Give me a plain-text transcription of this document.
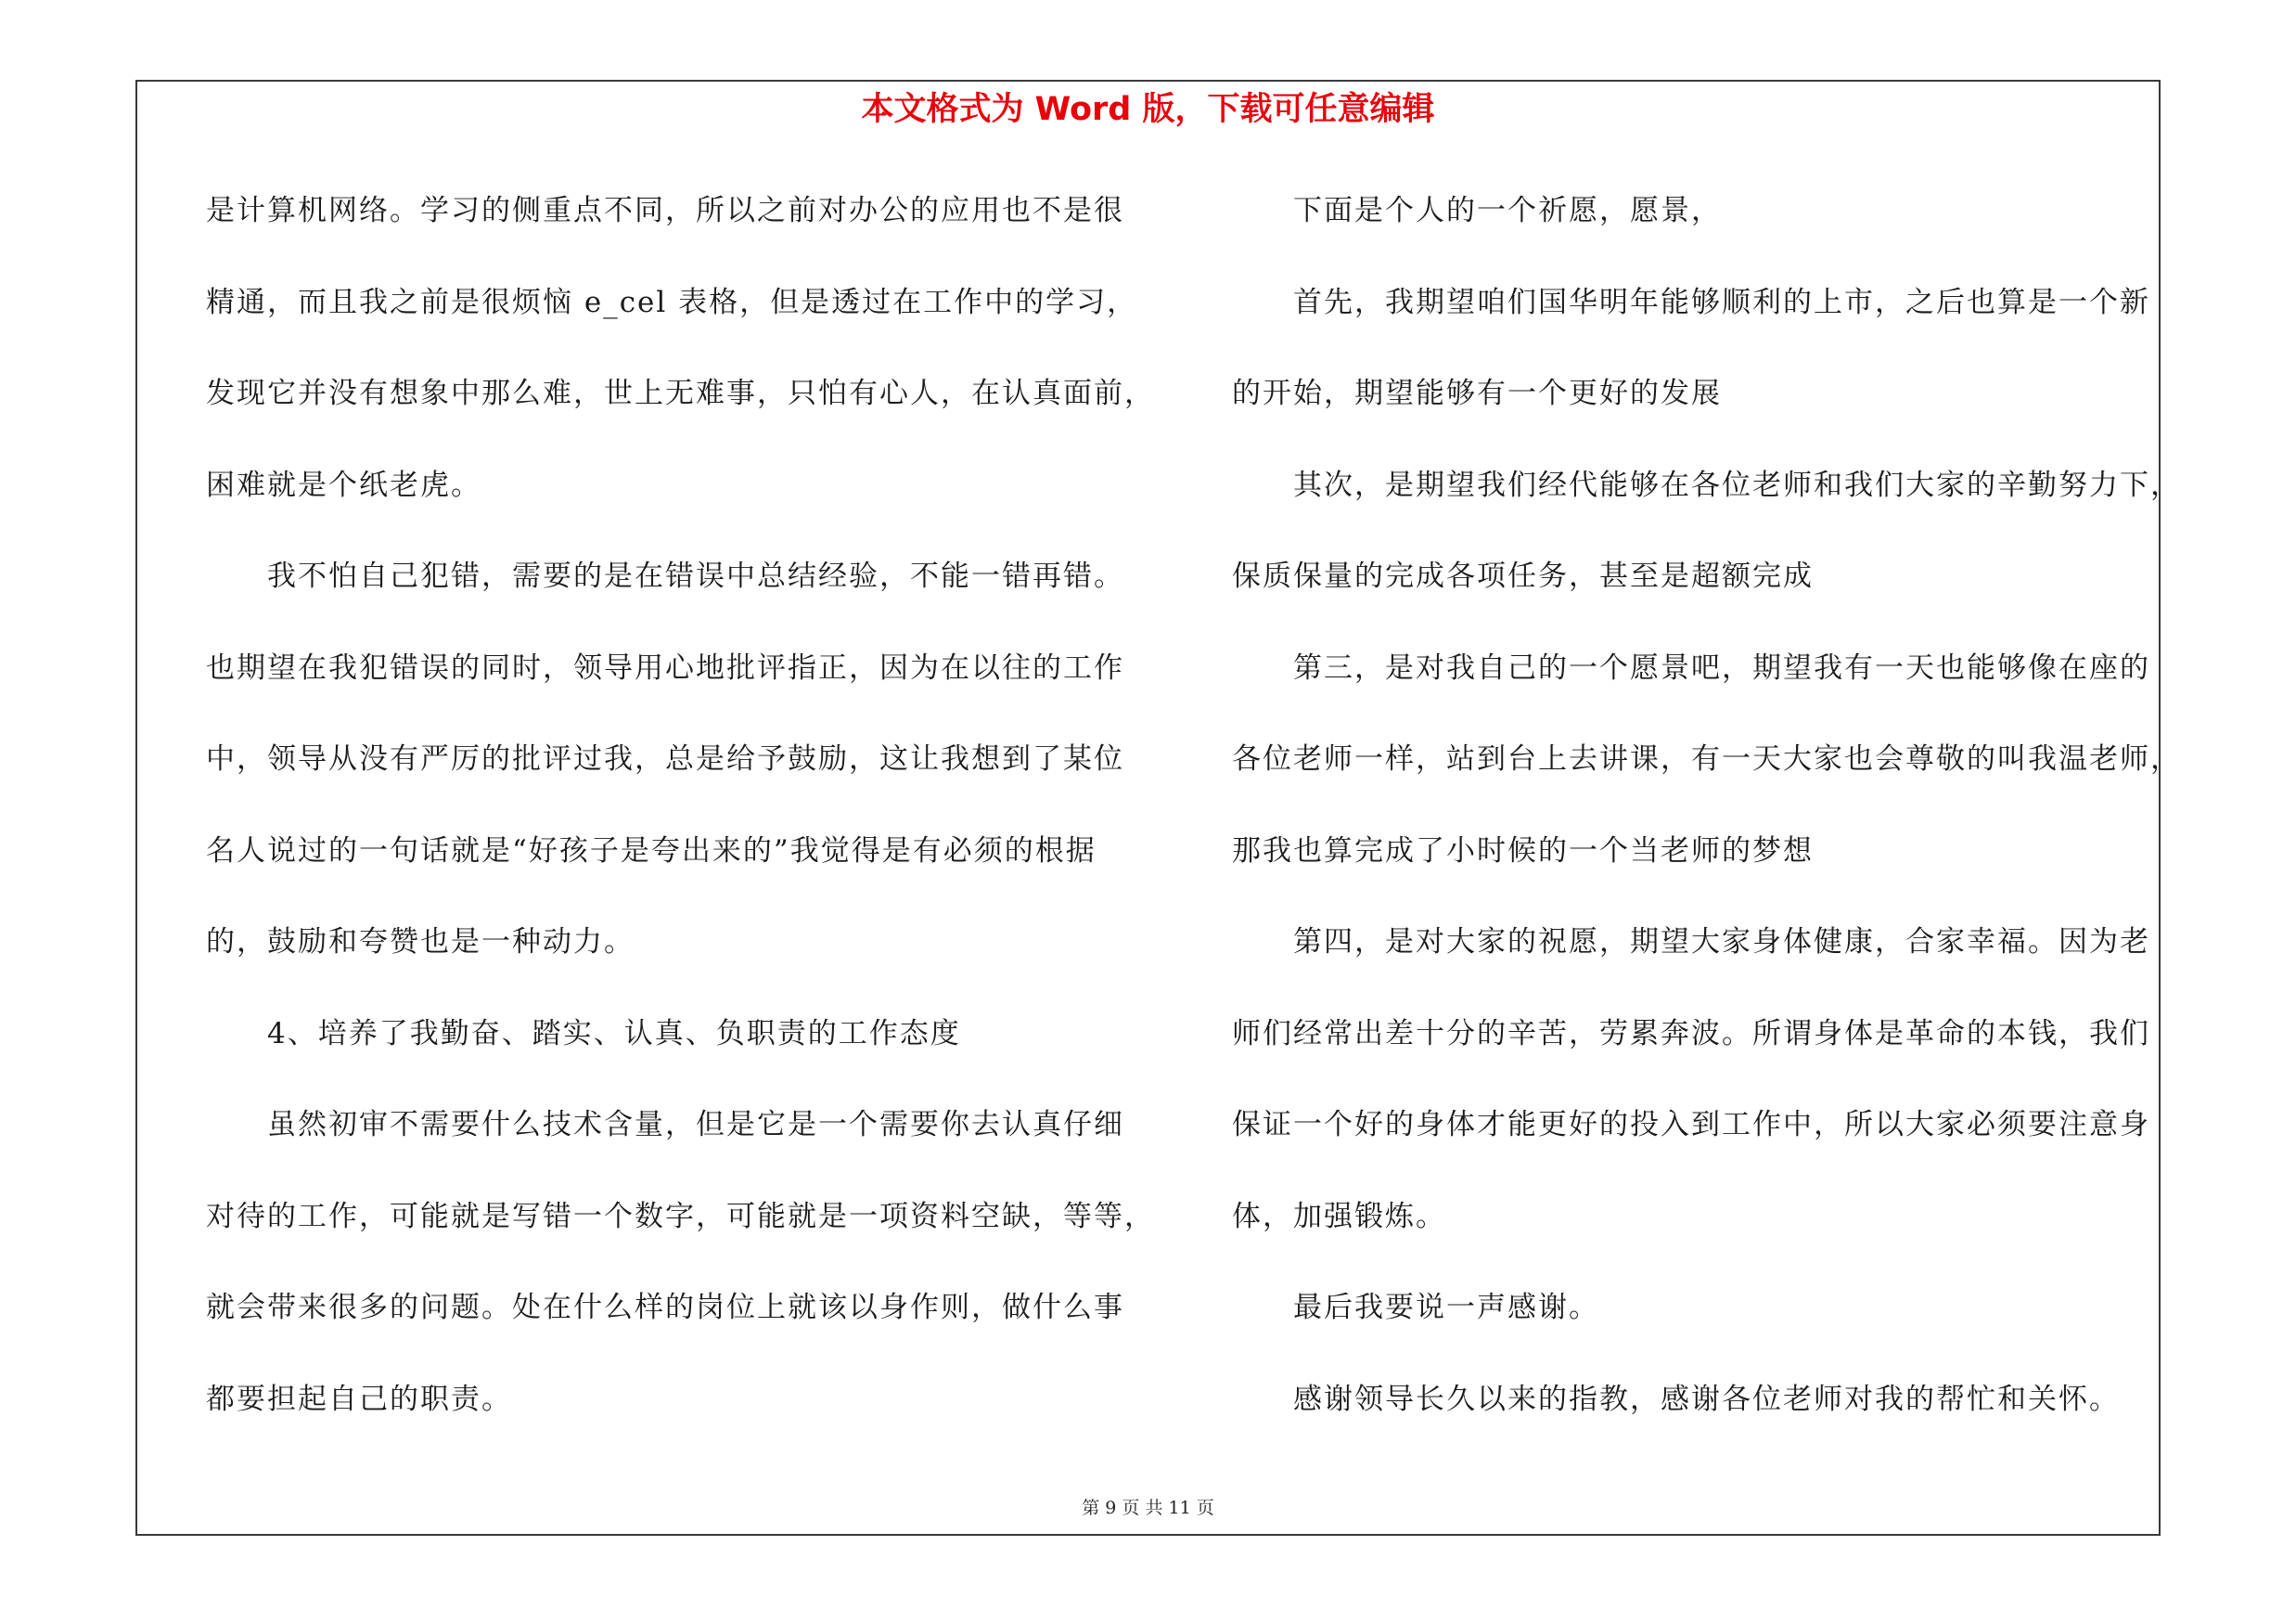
本文格式为 Word 版，下载可任意编辑
是计算机网络。学习的侧重点不同，所以之前对办公的应用也不是很
精通，而且我之前是很烦恼 e_cel 表格，但是透过在工作中的学习，
发现它并没有想象中那么难，世上无难事，只怕有心人，在认真面前，
困难就是个纸老虎。
我不怕自己犯错，需要的是在错误中总结经验，不能一错再错。
也期望在我犯错误的同时，领导用心地批评指正，因为在以往的工作
中，领导从没有严厉的批评过我，总是给予鼓励，这让我想到了某位
名人说过的一句话就是“好孩子是夸出来的”我觉得是有必须的根据
的，鼓励和夸赞也是一种动力。
4、培养了我勤奋、踏实、认真、负职责的工作态度
虽然初审不需要什么技术含量，但是它是一个需要你去认真仔细
对待的工作，可能就是写错一个数字，可能就是一项资料空缺，等等，
就会带来很多的问题。处在什么样的岗位上就该以身作则，做什么事
都要担起自己的职责。
下面是个人的一个祈愿，愿景，
首先，我期望咱们国华明年能够顺利的上市，之后也算是一个新
的开始，期望能够有一个更好的发展
其次，是期望我们经代能够在各位老师和我们大家的辛勤努力下，
保质保量的完成各项任务，甚至是超额完成
第三，是对我自己的一个愿景吧，期望我有一天也能够像在座的
各位老师一样，站到台上去讲课，有一天大家也会尊敬的叫我温老师，
那我也算完成了小时候的一个当老师的梦想
第四，是对大家的祝愿，期望大家身体健康，合家幸福。因为老
师们经常出差十分的辛苦，劳累奔波。所谓身体是革命的本钱，我们
保证一个好的身体才能更好的投入到工作中，所以大家必须要注意身
体，加强锻炼。
最后我要说一声感谢。
感谢领导长久以来的指教，感谢各位老师对我的帮忙和关怀。
第 9 页 共 11 页
